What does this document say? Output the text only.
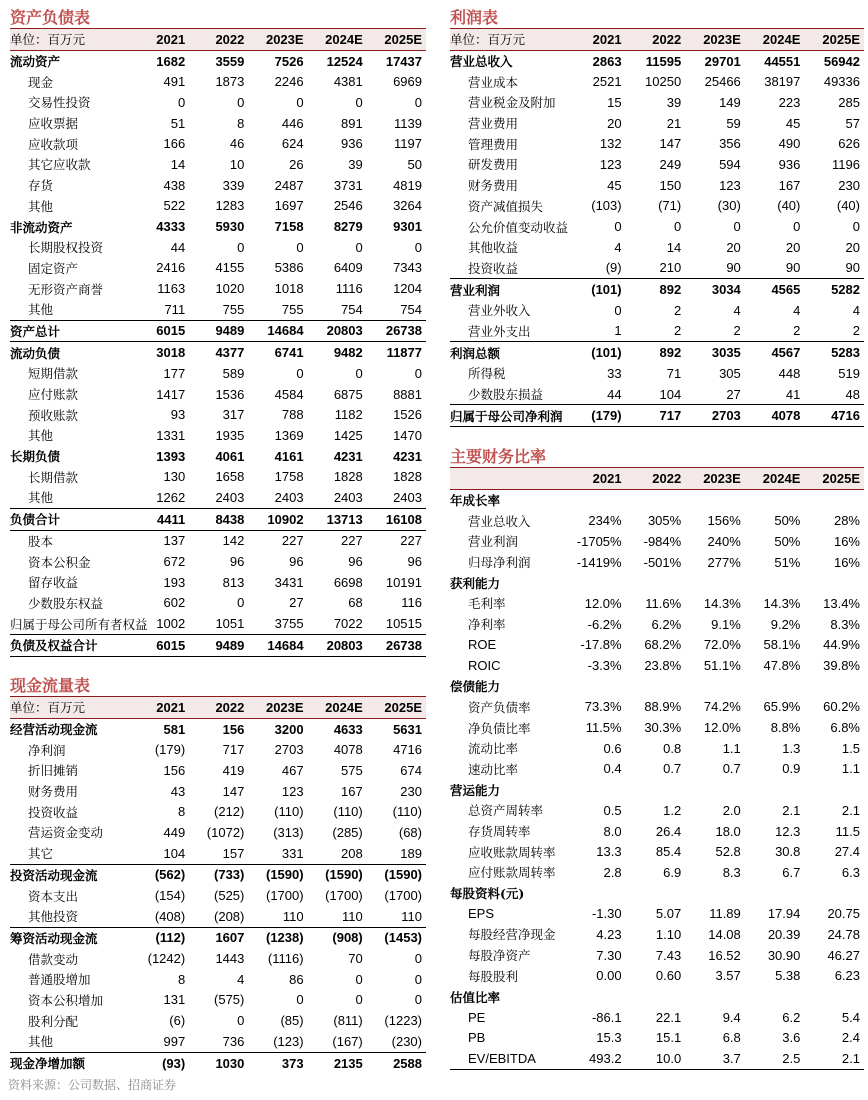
资产负债表
单位：百万元	2021	2022	2023E	2024E	2025E
流动资产	1682	3559	7526	12524	17437
现金	491	1873	2246	4381	6969
交易性投资	0	0	0	0	0
应收票据	51	8	446	891	1139
应收款项	166	46	624	936	1197
其它应收款	14	10	26	39	50
存货	438	339	2487	3731	4819
其他	522	1283	1697	2546	3264
非流动资产	4333	5930	7158	8279	9301
长期股权投资	44	0	0	0	0
固定资产	2416	4155	5386	6409	7343
无形资产商誉	1163	1020	1018	1116	1204
其他	711	755	755	754	754
资产总计	6015	9489	14684	20803	26738
流动负债	3018	4377	6741	9482	11877
短期借款	177	589	0	0	0
应付账款	1417	1536	4584	6875	8881
预收账款	93	317	788	1182	1526
其他	1331	1935	1369	1425	1470
长期负债	1393	4061	4161	4231	4231
长期借款	130	1658	1758	1828	1828
其他	1262	2403	2403	2403	2403
负债合计	4411	8438	10902	13713	16108
股本	137	142	227	227	227
资本公积金	672	96	96	96	96
留存收益	193	813	3431	6698	10191
少数股东权益	602	0	27	68	116
归属于母公司所有者权益	1002	1051	3755	7022	10515
负债及权益合计	6015	9489	14684	20803	26738
利润表
单位：百万元	2021	2022	2023E	2024E	2025E
营业总收入	2863	11595	29701	44551	56942
营业成本	2521	10250	25466	38197	49336
营业税金及附加	15	39	149	223	285
营业费用	20	21	59	45	57
管理费用	132	147	356	490	626
研发费用	123	249	594	936	1196
财务费用	45	150	123	167	230
资产减值损失	(103)	(71)	(30)	(40)	(40)
公允价值变动收益	0	0	0	0	0
其他收益	4	14	20	20	20
投资收益	(9)	210	90	90	90
营业利润	(101)	892	3034	4565	5282
营业外收入	0	2	4	4	4
营业外支出	1	2	2	2	2
利润总额	(101)	892	3035	4567	5283
所得税	33	71	305	448	519
少数股东损益	44	104	27	41	48
归属于母公司净利润	(179)	717	2703	4078	4716
现金流量表
单位：百万元	2021	2022	2023E	2024E	2025E
经营活动现金流	581	156	3200	4633	5631
净利润	(179)	717	2703	4078	4716
折旧摊销	156	419	467	575	674
财务费用	43	147	123	167	230
投资收益	8	(212)	(110)	(110)	(110)
营运资金变动	449	(1072)	(313)	(285)	(68)
其它	104	157	331	208	189
投资活动现金流	(562)	(733)	(1590)	(1590)	(1590)
资本支出	(154)	(525)	(1700)	(1700)	(1700)
其他投资	(408)	(208)	110	110	110
筹资活动现金流	(112)	1607	(1238)	(908)	(1453)
借款变动	(1242)	1443	(1116)	70	0
普通股增加	8	4	86	0	0
资本公积增加	131	(575)	0	0	0
股利分配	(6)	0	(85)	(811)	(1223)
其他	997	736	(123)	(167)	(230)
现金净增加额	(93)	1030	373	2135	2588
主要财务比率
	2021	2022	2023E	2024E	2025E
年成长率					
营业总收入	234%	305%	156%	50%	28%
营业利润	-1705%	-984%	240%	50%	16%
归母净利润	-1419%	-501%	277%	51%	16%
获利能力					
毛利率	12.0%	11.6%	14.3%	14.3%	13.4%
净利率	-6.2%	6.2%	9.1%	9.2%	8.3%
ROE	-17.8%	68.2%	72.0%	58.1%	44.9%
ROIC	-3.3%	23.8%	51.1%	47.8%	39.8%
偿债能力					
资产负债率	73.3%	88.9%	74.2%	65.9%	60.2%
净负债比率	11.5%	30.3%	12.0%	8.8%	6.8%
流动比率	0.6	0.8	1.1	1.3	1.5
速动比率	0.4	0.7	0.7	0.9	1.1
营运能力					
总资产周转率	0.5	1.2	2.0	2.1	2.1
存货周转率	8.0	26.4	18.0	12.3	11.5
应收账款周转率	13.3	85.4	52.8	30.8	27.4
应付账款周转率	2.8	6.9	8.3	6.7	6.3
每股资料(元)					
EPS	-1.30	5.07	11.89	17.94	20.75
每股经营净现金	4.23	1.10	14.08	20.39	24.78
每股净资产	7.30	7.43	16.52	30.90	46.27
每股股利	0.00	0.60	3.57	5.38	6.23
估值比率					
PE	-86.1	22.1	9.4	6.2	5.4
PB	15.3	15.1	6.8	3.6	2.4
EV/EBITDA	493.2	10.0	3.7	2.5	2.1
资料来源：公司数据、招商证券
